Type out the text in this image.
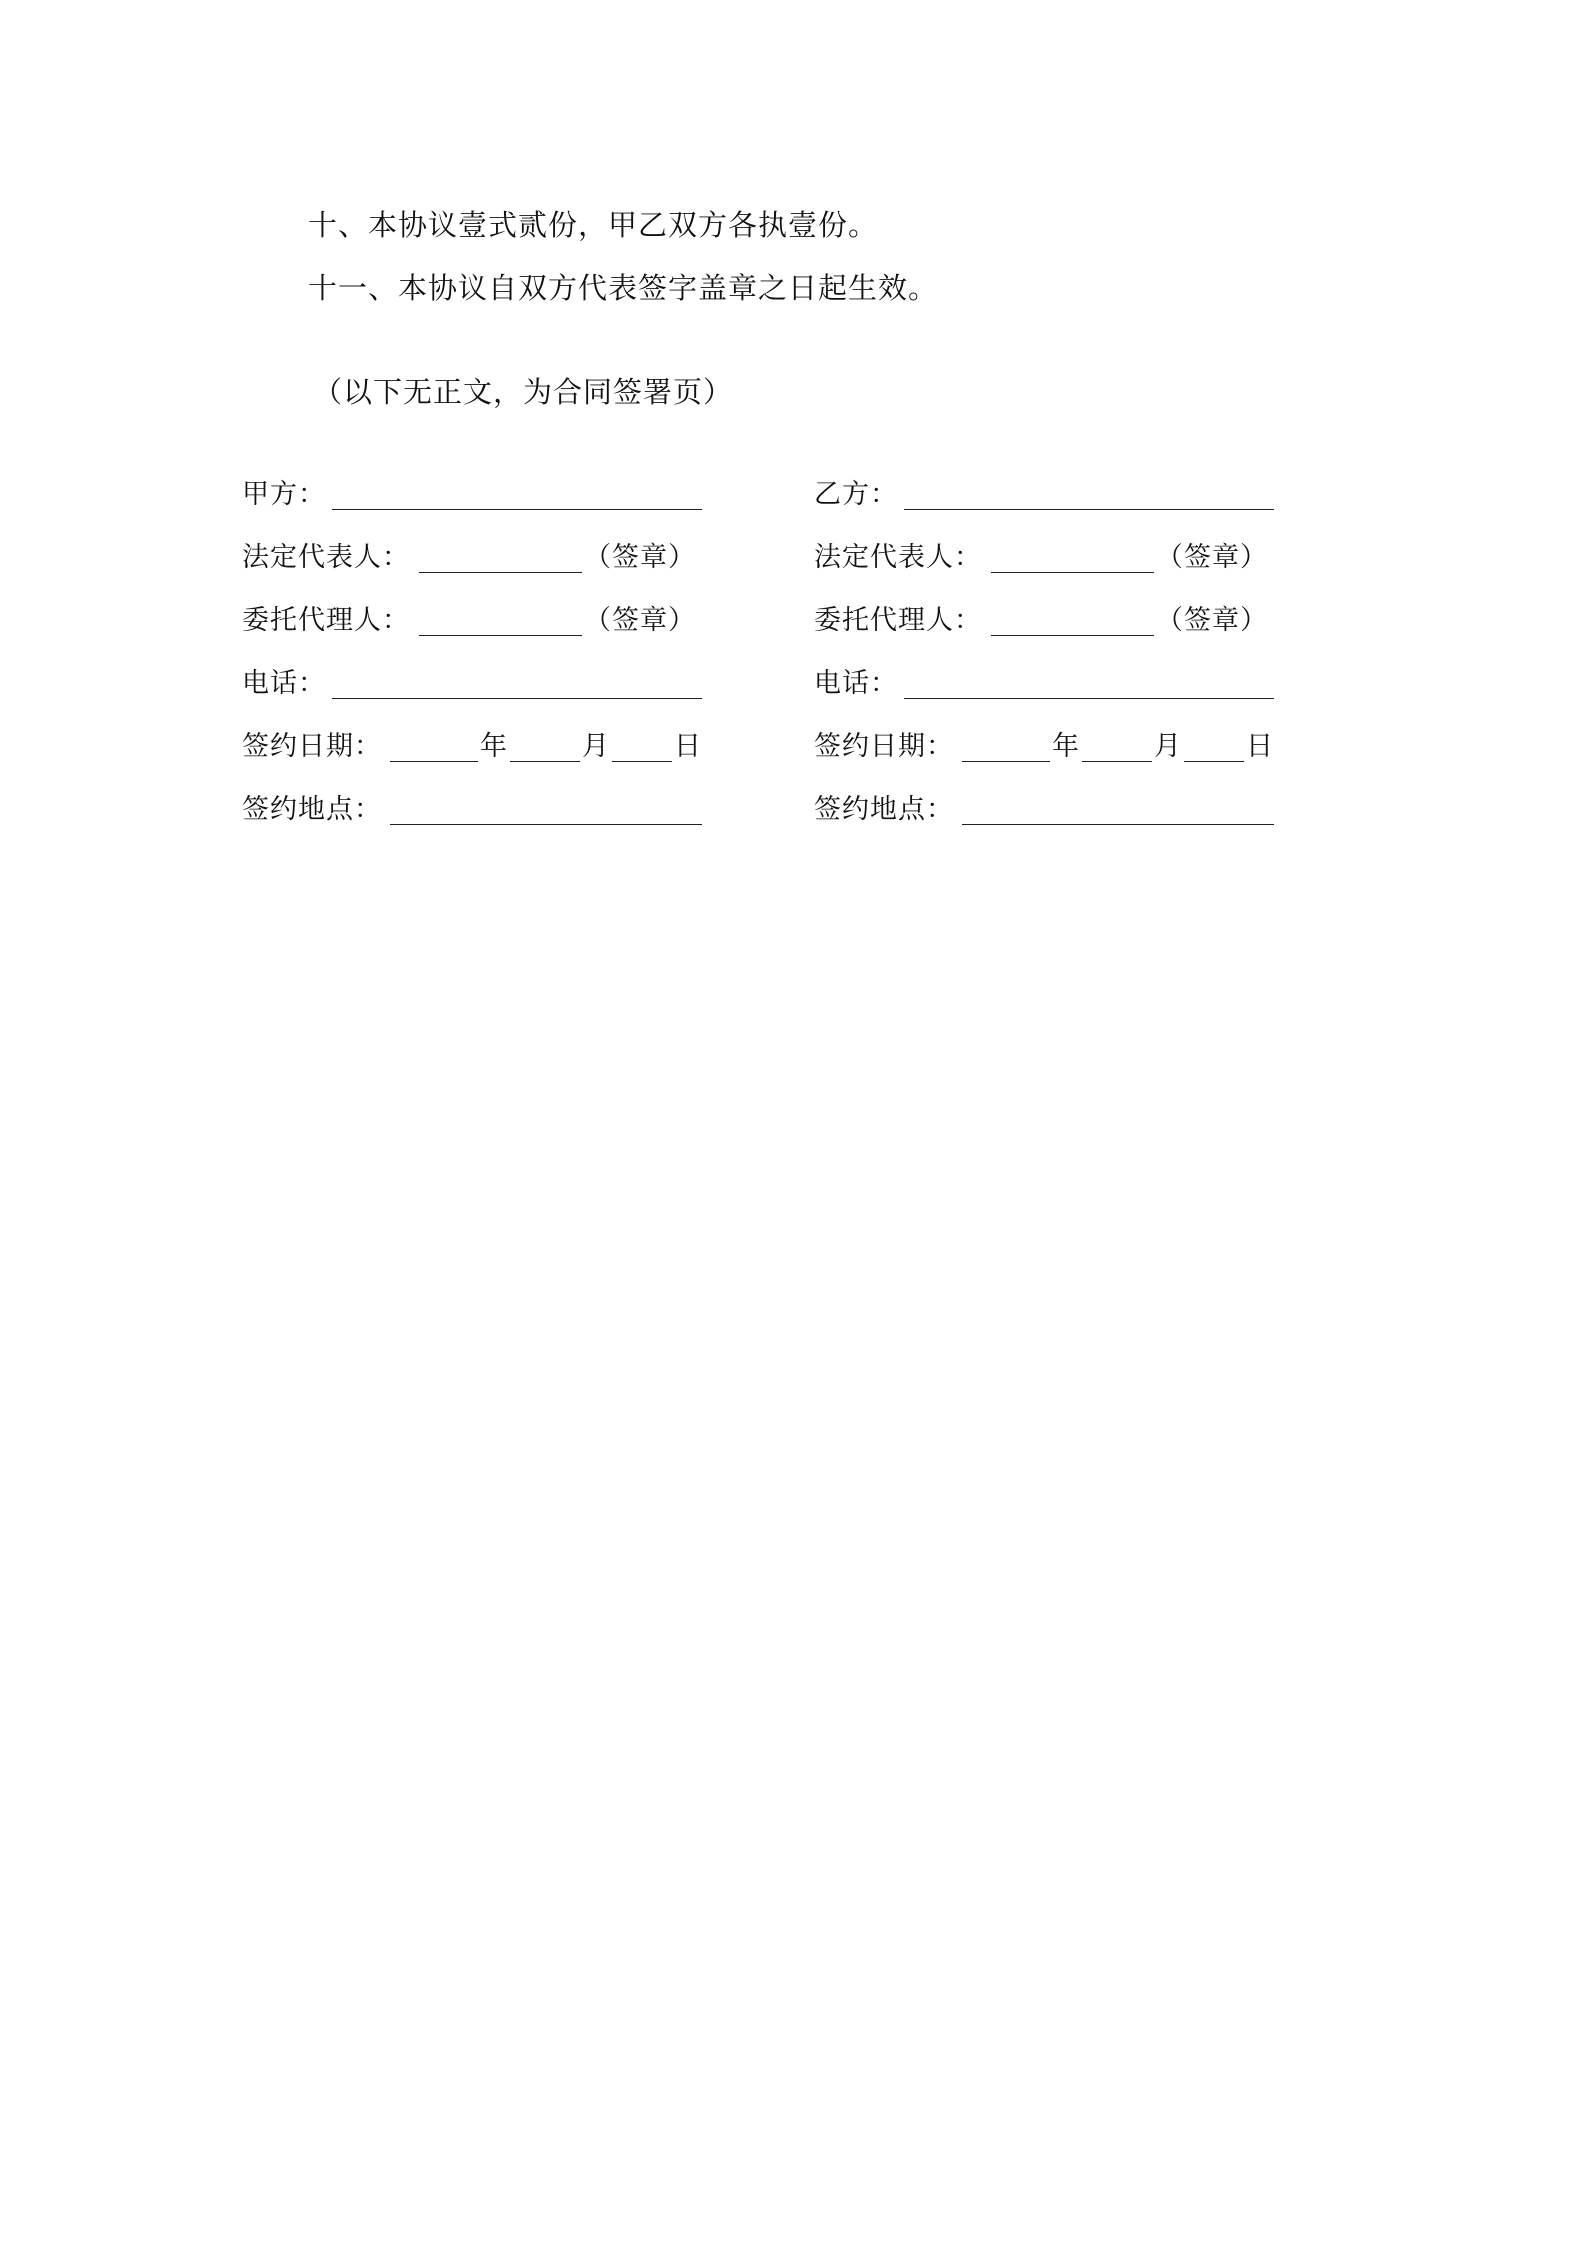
十、本协议壹式贰份，甲乙双方各执壹份。
十一、本协议自双方代表签字盖章之日起生效。
（以下无正文，为合同签署页）
甲方：
法定代表人：	（签章）
委托代理人：	（签章）
电话：
签约日期：	年	月 日
签约地点：
乙方：
法定代表人：	（签章）
委托代理人：	（签章）
电话：
签约日期：	年	月 日
签约地点：
